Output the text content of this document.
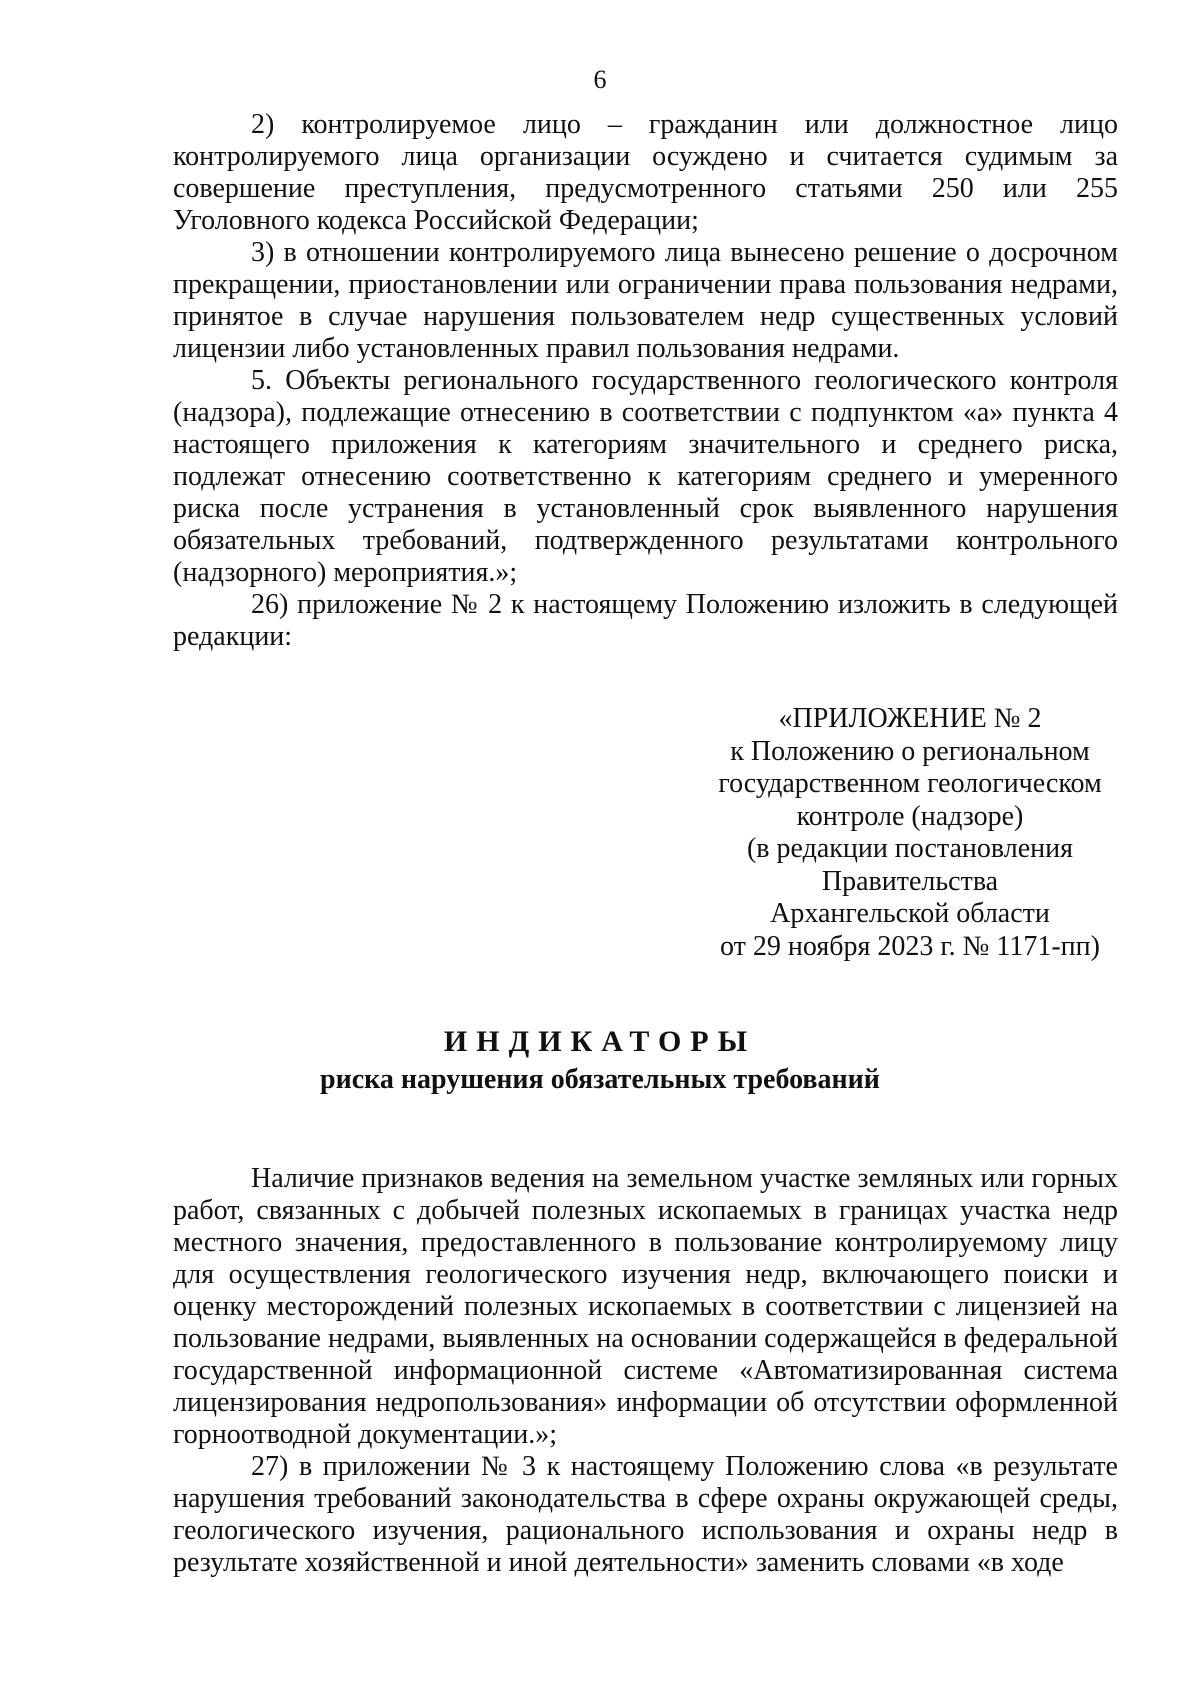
6

2) контролируемое лицо – гражданин или должностное лицо контролируемого лица организации осуждено и считается судимым за совершение преступления, предусмотренного статьями 250 или 255 Уголовного кодекса Российской Федерации;

3) в отношении контролируемого лица вынесено решение о досрочном прекращении, приостановлении или ограничении права пользования недрами, принятое в случае нарушения пользователем недр существенных условий лицензии либо установленных правил пользования недрами.

5. Объекты регионального государственного геологического контроля (надзора), подлежащие отнесению в соответствии с подпунктом «а» пункта 4 настоящего приложения к категориям значительного и среднего риска, подлежат отнесению соответственно к категориям среднего и умеренного риска после устранения в установленный срок выявленного нарушения обязательных требований, подтвержденного результатами контрольного (надзорного) мероприятия.»;

26) приложение № 2 к настоящему Положению изложить в следующей редакции:

«ПРИЛОЖЕНИЕ № 2
к Положению о региональном
государственном геологическом
контроле (надзоре)
(в редакции постановления
Правительства
Архангельской области
от 29 ноября 2023 г. № 1171-пп)
ИНДИКАТОРЫ
риска нарушения обязательных требований

Наличие признаков ведения на земельном участке земляных или горных работ, связанных с добычей полезных ископаемых в границах участка недр местного значения, предоставленного в пользование контролируемому лицу для осуществления геологического изучения недр, включающего поиски и оценку месторождений полезных ископаемых в соответствии с лицензией на пользование недрами, выявленных на основании содержащейся в федеральной государственной информационной системе «Автоматизированная система лицензирования недропользования» информации об отсутствии оформленной горноотводной документации.»;

27) в приложении № 3 к настоящему Положению слова «в результате нарушения требований законодательства в сфере охраны окружающей среды, геологического изучения, рационального использования и охраны недр в результате хозяйственной и иной деятельности» заменить словами «в ходе
